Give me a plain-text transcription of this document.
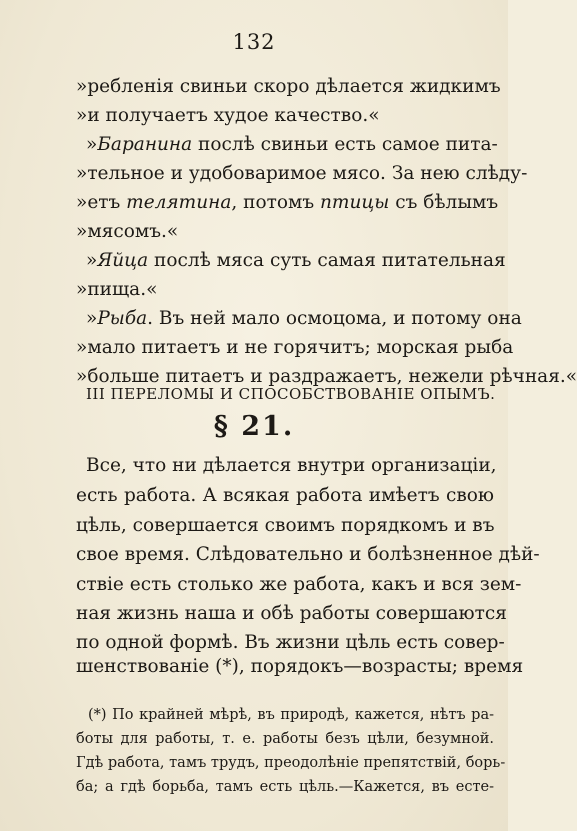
132
»ребленія свиньи скоро дѣлается жидкимъ
»и получаетъ худое качество.«
»Баранина послѣ свиньи есть самое пита-
»тельное и удобоваримое мясо. За нею слѣду-
»етъ телятина, потомъ птицы съ бѣлымъ
»мясомъ.«
»Яйца послѣ мяса суть самая питательная
»пища.«
»Рыба. Въ ней мало осмоцома, и потому она
»мало питаетъ и не горячитъ; морская рыба
»больше питаетъ и раздражаетъ, нежели рѣчная.«
III ПЕРЕЛОМЫ И СПОСОБСТВОВАНІЕ ОПЫМЪ.
§ 21.
Все, что ни дѣлается внутри организаціи,
есть работа. А всякая работа имѣетъ свою
цѣль, совершается своимъ порядкомъ и въ
свое время. Слѣдовательно и болѣзненное дѣй-
ствіе есть столько же работа, какъ и вся зем-
ная жизнь наша и обѣ работы совершаются
по одной формѣ. Въ жизни цѣль есть совер-
шенствованіе (*), порядокъ—возрасты; время
(*) По крайней мѣрѣ, въ природѣ, кажется, нѣтъ ра-
боты для работы, т. е. работы безъ цѣли, безумной.
Гдѣ работа, тамъ трудъ, преодолѣніе препятствій, борь-
ба; а гдѣ борьба, тамъ есть цѣль.—Кажется, въ есте-
